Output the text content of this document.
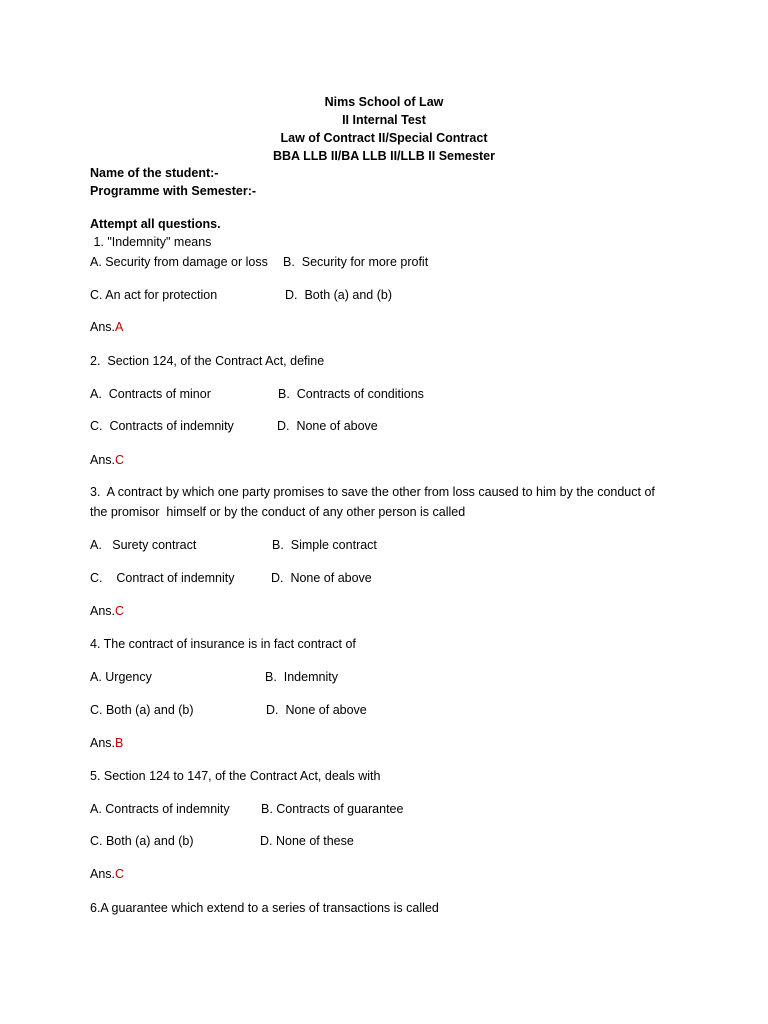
Nims School of Law
II Internal Test
Law of Contract II/Special Contract
BBA LLB II/BA LLB II/LLB II Semester
Name of the student:-
Programme with Semester:-
Attempt all questions.
1. "Indemnity" means
A. Security from damage or loss B.  Security for more profit
C. An act for protection	D.  Both (a) and (b)
Ans.A
2.  Section 124, of the Contract Act, define
A.  Contracts of minor	B.  Contracts of conditions
C.  Contracts of indemnity	D.  None of above
Ans.C
3.  A contract by which one party promises to save the other from loss caused to him by the conduct of
the promisor  himself or by the conduct of any other person is called
A.   Surety contract	B.  Simple contract
C.    Contract of indemnity	D.  None of above
Ans.C
4. The contract of insurance is in fact contract of
A. Urgency	B.  Indemnity
C. Both (a) and (b)	D.  None of above
Ans.B
5. Section 124 to 147, of the Contract Act, deals with
A. Contracts of indemnity	B. Contracts of guarantee
C. Both (a) and (b)	D. None of these
Ans.C
6.A guarantee which extend to a series of transactions is called
